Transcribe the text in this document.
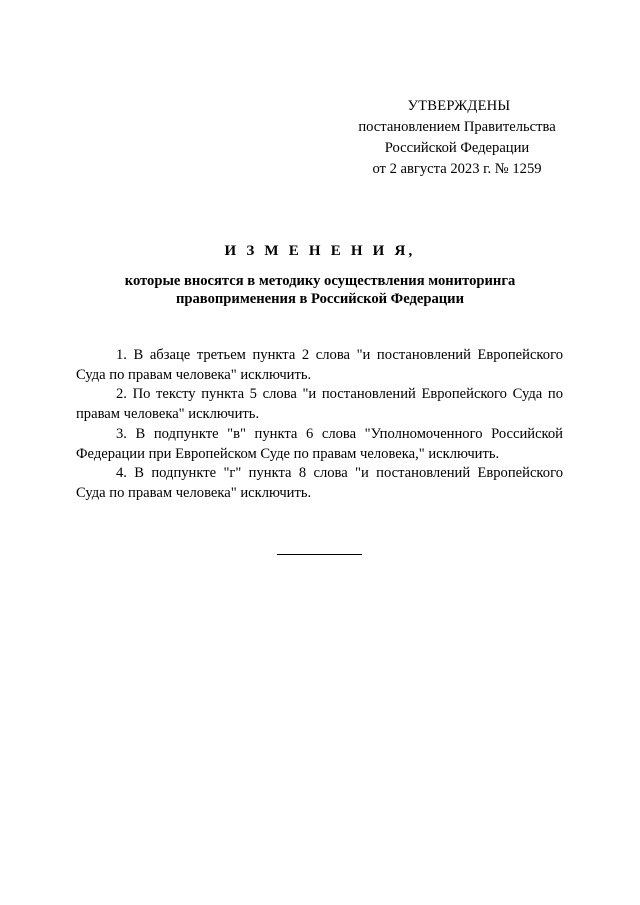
УТВЕРЖДЕНЫ
постановлением Правительства
Российской Федерации
от 2 августа 2023 г. № 1259
И З М Е Н Е Н И Я,
которые вносятся в методику осуществления мониторинга
правоприменения в Российской Федерации

1. В абзаце третьем пункта 2 слова "и постановлений Европейского Суда по правам человека" исключить.

2. По тексту пункта 5 слова "и постановлений Европейского Суда по правам человека" исключить.

3. В подпункте "в" пункта 6 слова "Уполномоченного Российской Федерации при Европейском Суде по правам человека," исключить.

4. В подпункте "г" пункта 8 слова "и постановлений Европейского Суда по правам человека" исключить.
